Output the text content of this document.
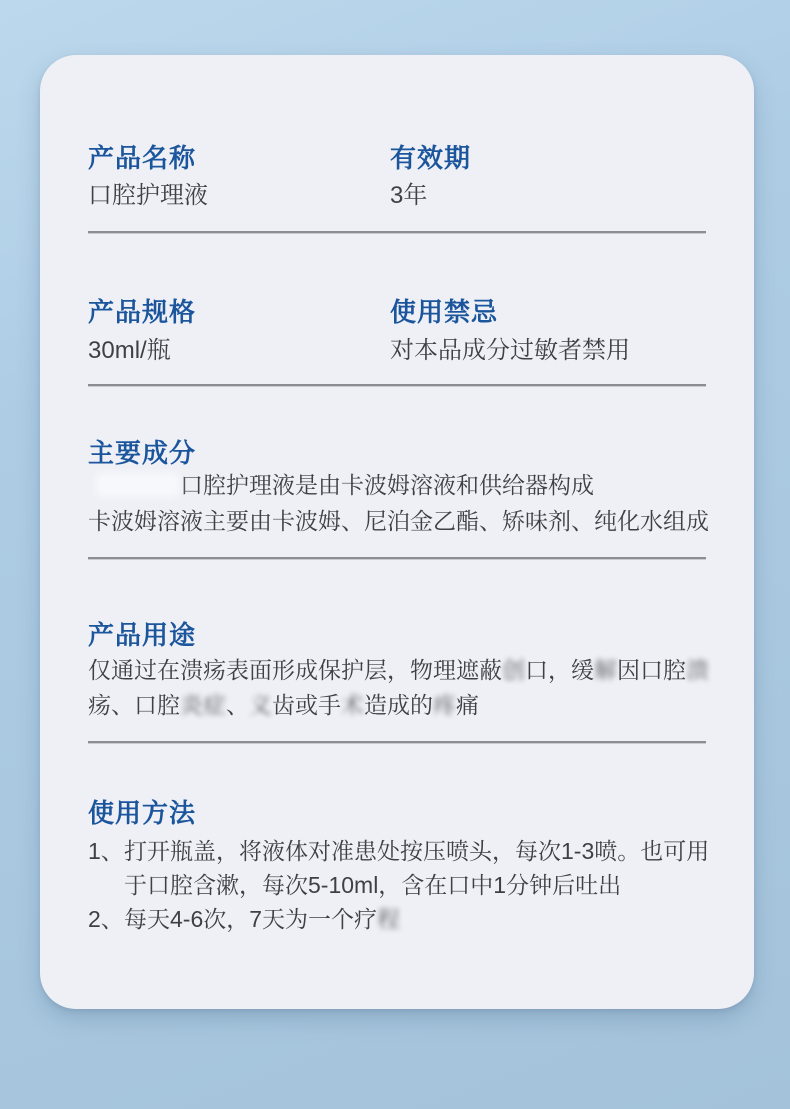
产品名称
口腔护理液
有效期
3年
产品规格
30ml/瓶
使用禁忌
对本品成分过敏者禁用
主要成分
口腔护理液是由卡波姆溶液和供给器构成
卡波姆溶液主要由卡波姆、尼泊金乙酯、矫味剂、纯化水组成
产品用途
仅通过在溃疡表面形成保护层，物理遮蔽创口，缓解因口腔溃疡、口腔炎症、义齿或手术造成的疼痛
使用方法
1、 打开瓶盖，将液体对准患处按压喷头，每次1-3喷。也可用于口腔含漱，每次5-10ml，含在口中1分钟后吐出
2、 每天4-6次，7天为一个疗程
